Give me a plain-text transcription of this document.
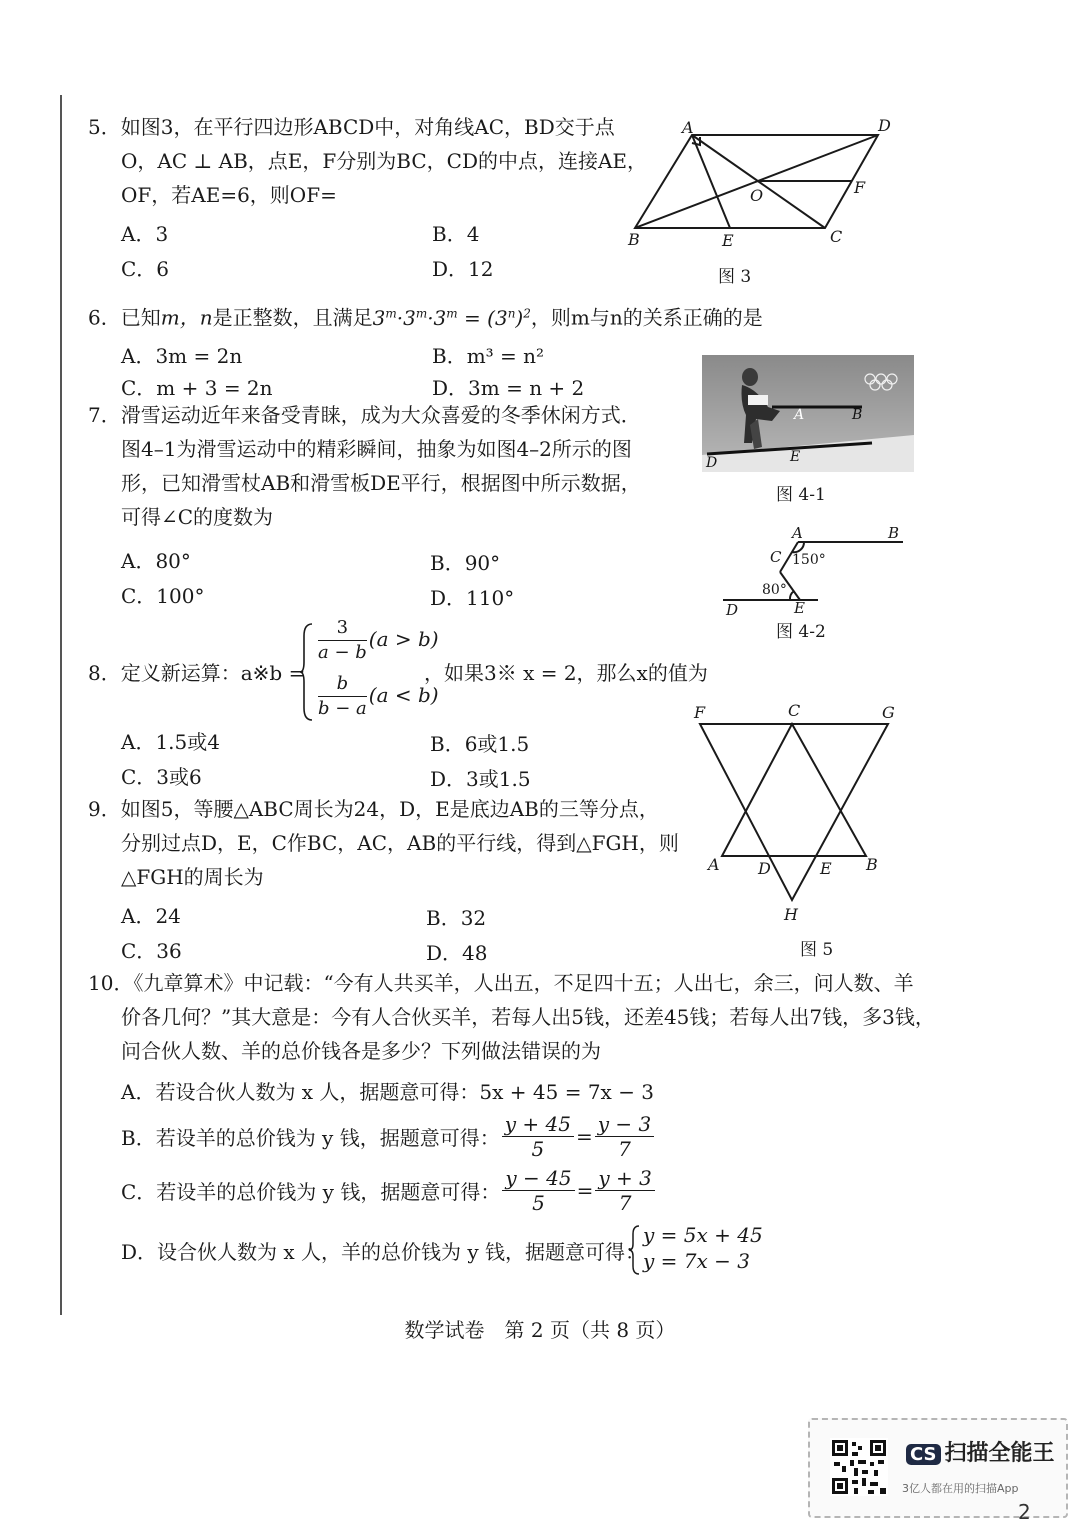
5．如图3，在平行四边形ABCD中，对角线AC，BD交于点
O，AC ⊥ AB，点E，F分别为BC，CD的中点，连接AE，
OF，若AE=6，则OF=
A．3	B．4
C．6	D．12
A	D
O	F
B	E	C
图 3
6．已知m，n是正整数，且满足$3^m\cdot 3^m\cdot 3^m = (3^n)^2$，则m与n的关系正确的是
A．3m = 2n	B．m³ = n²
C．m + 3 = 2n	D．3m = n + 2
A	B
D	E
图 4-1
7．滑雪运动近年来备受青睐，成为大众喜爱的冬季休闲方式．
图4–1为滑雪运动中的精彩瞬间，抽象为如图4–2所示的图
形，已知滑雪杖AB和滑雪板DE平行，根据图中所示数据，
可得∠C的度数为
A．80°	B．90°
C．100°	D．110°
A	B
C
D	E
150°
80°
图 4-2
8．定义新运算：a※b =
$\frac{3}{a - b} (a > b)$
$\frac{b}{b - a} (a < b)$
，如果3※ x = 2，那么x的值为
A．1.5或4	B．6或1.5
C．3或6	D．3或1.5
F	C	G
A D	E B
H
图 5
9．如图5，等腰△ABC周长为24，D，E是底边AB的三等分点，
分别过点D，E，C作BC，AC，AB的平行线，得到△FGH，则
△FGH的周长为
A．24	B．32
C．36	D．48
10．《九章算术》中记载：“今有人共买羊，人出五，不足四十五；人出七，余三，问人数、羊
价各几何？”其大意是：今有人合伙买羊，若每人出5钱，还差45钱；若每人出7钱，多3钱，
问合伙人数、羊的总价钱各是多少？下列做法错误的为
A．若设合伙人数为 x 人，据题意可得：5x + 45 = 7x − 3
B．若设羊的总价钱为 y 钱，据题意可得： $\frac{y + 45}{5} = \frac{y - 3}{7}$
C．若设羊的总价钱为 y 钱，据题意可得： $\frac{y - 45}{5} = \frac{y + 3}{7}$
D．设合伙人数为 x 人，羊的总价钱为 y 钱，据题意可得：
y = 5x + 45
y = 7x − 3
数学试卷　第 2 页（共 8 页）
CS 扫描全能王
3亿人都在用的扫描App
2
